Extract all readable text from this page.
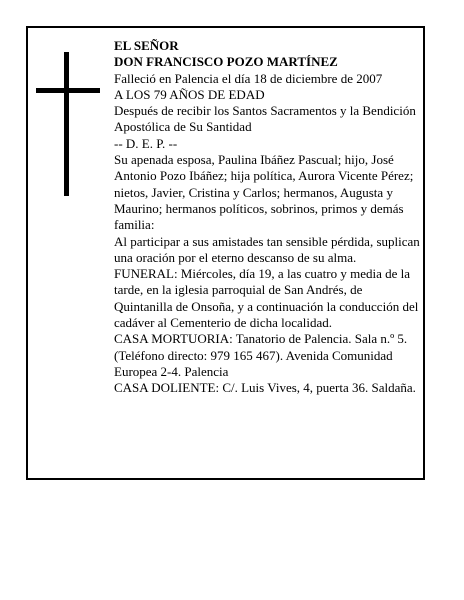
EL SEÑOR

DON FRANCISCO POZO MARTÍNEZ

Falleció en Palencia el día 18 de diciembre de 2007

A LOS 79 AÑOS DE EDAD

Después de recibir los Santos Sacramentos y la Bendición Apostólica de Su Santidad

-- D. E. P. --

Su apenada esposa, Paulina Ibáñez Pascual; hijo, José Antonio Pozo Ibáñez; hija política, Aurora Vicente Pérez; nietos, Javier, Cristina y Carlos; hermanos, Augusta y Maurino; hermanos políticos, sobrinos, primos y demás familia:

Al participar a sus amistades tan sensible pérdida, suplican una oración por el eterno descanso de su alma.

FUNERAL: Miércoles, día 19, a las cuatro y media de la tarde, en la iglesia parroquial de San Andrés, de Quintanilla de Onsoña, y a continuación la conducción del cadáver al Cementerio de dicha localidad.

CASA MORTUORIA: Tanatorio de Palencia. Sala n.º 5. (Teléfono directo: 979 165 467). Avenida Comunidad Europea 2-4. Palencia

CASA DOLIENTE: C/. Luis Vives, 4, puerta 36. Saldaña.
